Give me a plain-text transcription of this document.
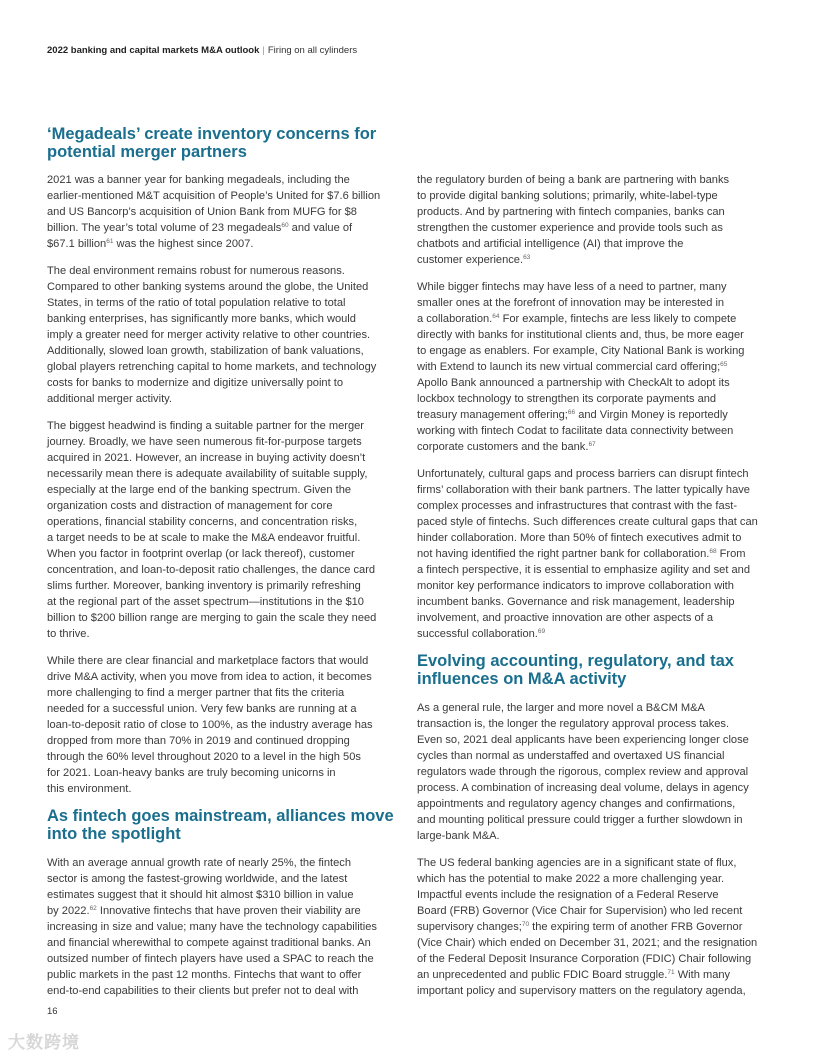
2022 banking and capital markets M&A outlook | Firing on all cylinders
‘Megadeals’ create inventory concerns for
potential merger partners

2021 was a banner year for banking megadeals, including the
earlier-mentioned M&T acquisition of People’s United for $7.6 billion
and US Bancorp’s acquisition of Union Bank from MUFG for $8
billion. The year’s total volume of 23 megadeals$^{60}$ and value of
$67.1 billion$^{61}$ was the highest since 2007.

The deal environment remains robust for numerous reasons.
Compared to other banking systems around the globe, the United
States, in terms of the ratio of total population relative to total
banking enterprises, has significantly more banks, which would
imply a greater need for merger activity relative to other countries.
Additionally, slowed loan growth, stabilization of bank valuations,
global players retrenching capital to home markets, and technology
costs for banks to modernize and digitize universally point to
additional merger activity.

The biggest headwind is finding a suitable partner for the merger
journey. Broadly, we have seen numerous fit-for-purpose targets
acquired in 2021. However, an increase in buying activity doesn’t
necessarily mean there is adequate availability of suitable supply,
especially at the large end of the banking spectrum. Given the
organization costs and distraction of management for core
operations, financial stability concerns, and concentration risks,
a target needs to be at scale to make the M&A endeavor fruitful.
When you factor in footprint overlap (or lack thereof), customer
concentration, and loan-to-deposit ratio challenges, the dance card
slims further. Moreover, banking inventory is primarily refreshing
at the regional part of the asset spectrum—institutions in the $10
billion to $200 billion range are merging to gain the scale they need
to thrive.

While there are clear financial and marketplace factors that would
drive M&A activity, when you move from idea to action, it becomes
more challenging to find a merger partner that fits the criteria
needed for a successful union. Very few banks are running at a
loan-to-deposit ratio of close to 100%, as the industry average has
dropped from more than 70% in 2019 and continued dropping
through the 60% level throughout 2020 to a level in the high 50s
for 2021. Loan-heavy banks are truly becoming unicorns in
this environment.

As fintech goes mainstream, alliances move
into the spotlight

With an average annual growth rate of nearly 25%, the fintech
sector is among the fastest-growing worldwide, and the latest
estimates suggest that it should hit almost $310 billion in value
by 2022.62 Innovative fintechs that have proven their viability are
increasing in size and value; many have the technology capabilities
and financial wherewithal to compete against traditional banks. An
outsized number of fintech players have used a SPAC to reach the
public markets in the past 12 months. Fintechs that want to offer
end-to-end capabilities to their clients but prefer not to deal with

the regulatory burden of being a bank are partnering with banks
to provide digital banking solutions; primarily, white-label-type
products. And by partnering with fintech companies, banks can
strengthen the customer experience and provide tools such as
chatbots and artificial intelligence (AI) that improve the
customer experience.$^{63}$

While bigger fintechs may have less of a need to partner, many
smaller ones at the forefront of innovation may be interested in
a collaboration.$^{64}$ For example, fintechs are less likely to compete
directly with banks for institutional clients and, thus, be more eager
to engage as enablers. For example, City National Bank is working
with Extend to launch its new virtual commercial card offering;$^{65}$
Apollo Bank announced a partnership with CheckAlt to adopt its
lockbox technology to strengthen its corporate payments and
treasury management offering;$^{66}$ and Virgin Money is reportedly
working with fintech Codat to facilitate data connectivity between
corporate customers and the bank.$^{67}$

Unfortunately, cultural gaps and process barriers can disrupt fintech
firms’ collaboration with their bank partners. The latter typically have
complex processes and infrastructures that contrast with the fast-
paced style of fintechs. Such differences create cultural gaps that can
hinder collaboration. More than 50% of fintech executives admit to
not having identified the right partner bank for collaboration.$^{68}$ From
a fintech perspective, it is essential to emphasize agility and set and
monitor key performance indicators to improve collaboration with
incumbent banks. Governance and risk management, leadership
involvement, and proactive innovation are other aspects of a
successful collaboration.$^{69}$

Evolving accounting, regulatory, and tax
influences on M&A activity

As a general rule, the larger and more novel a B&CM M&A
transaction is, the longer the regulatory approval process takes.
Even so, 2021 deal applicants have been experiencing longer close
cycles than normal as understaffed and overtaxed US financial
regulators wade through the rigorous, complex review and approval
process. A combination of increasing deal volume, delays in agency
appointments and regulatory agency changes and confirmations,
and mounting political pressure could trigger a further slowdown in
large-bank M&A.

The US federal banking agencies are in a significant state of flux,
which has the potential to make 2022 a more challenging year.
Impactful events include the resignation of a Federal Reserve
Board (FRB) Governor (Vice Chair for Supervision) who led recent
supervisory changes;$^{70}$ the expiring term of another FRB Governor
(Vice Chair) which ended on December 31, 2021; and the resignation
of the Federal Deposit Insurance Corporation (FDIC) Chair following
an unprecedented and public FDIC Board struggle.$^{71}$ With many
important policy and supervisory matters on the regulatory agenda,

16
大数跨境
